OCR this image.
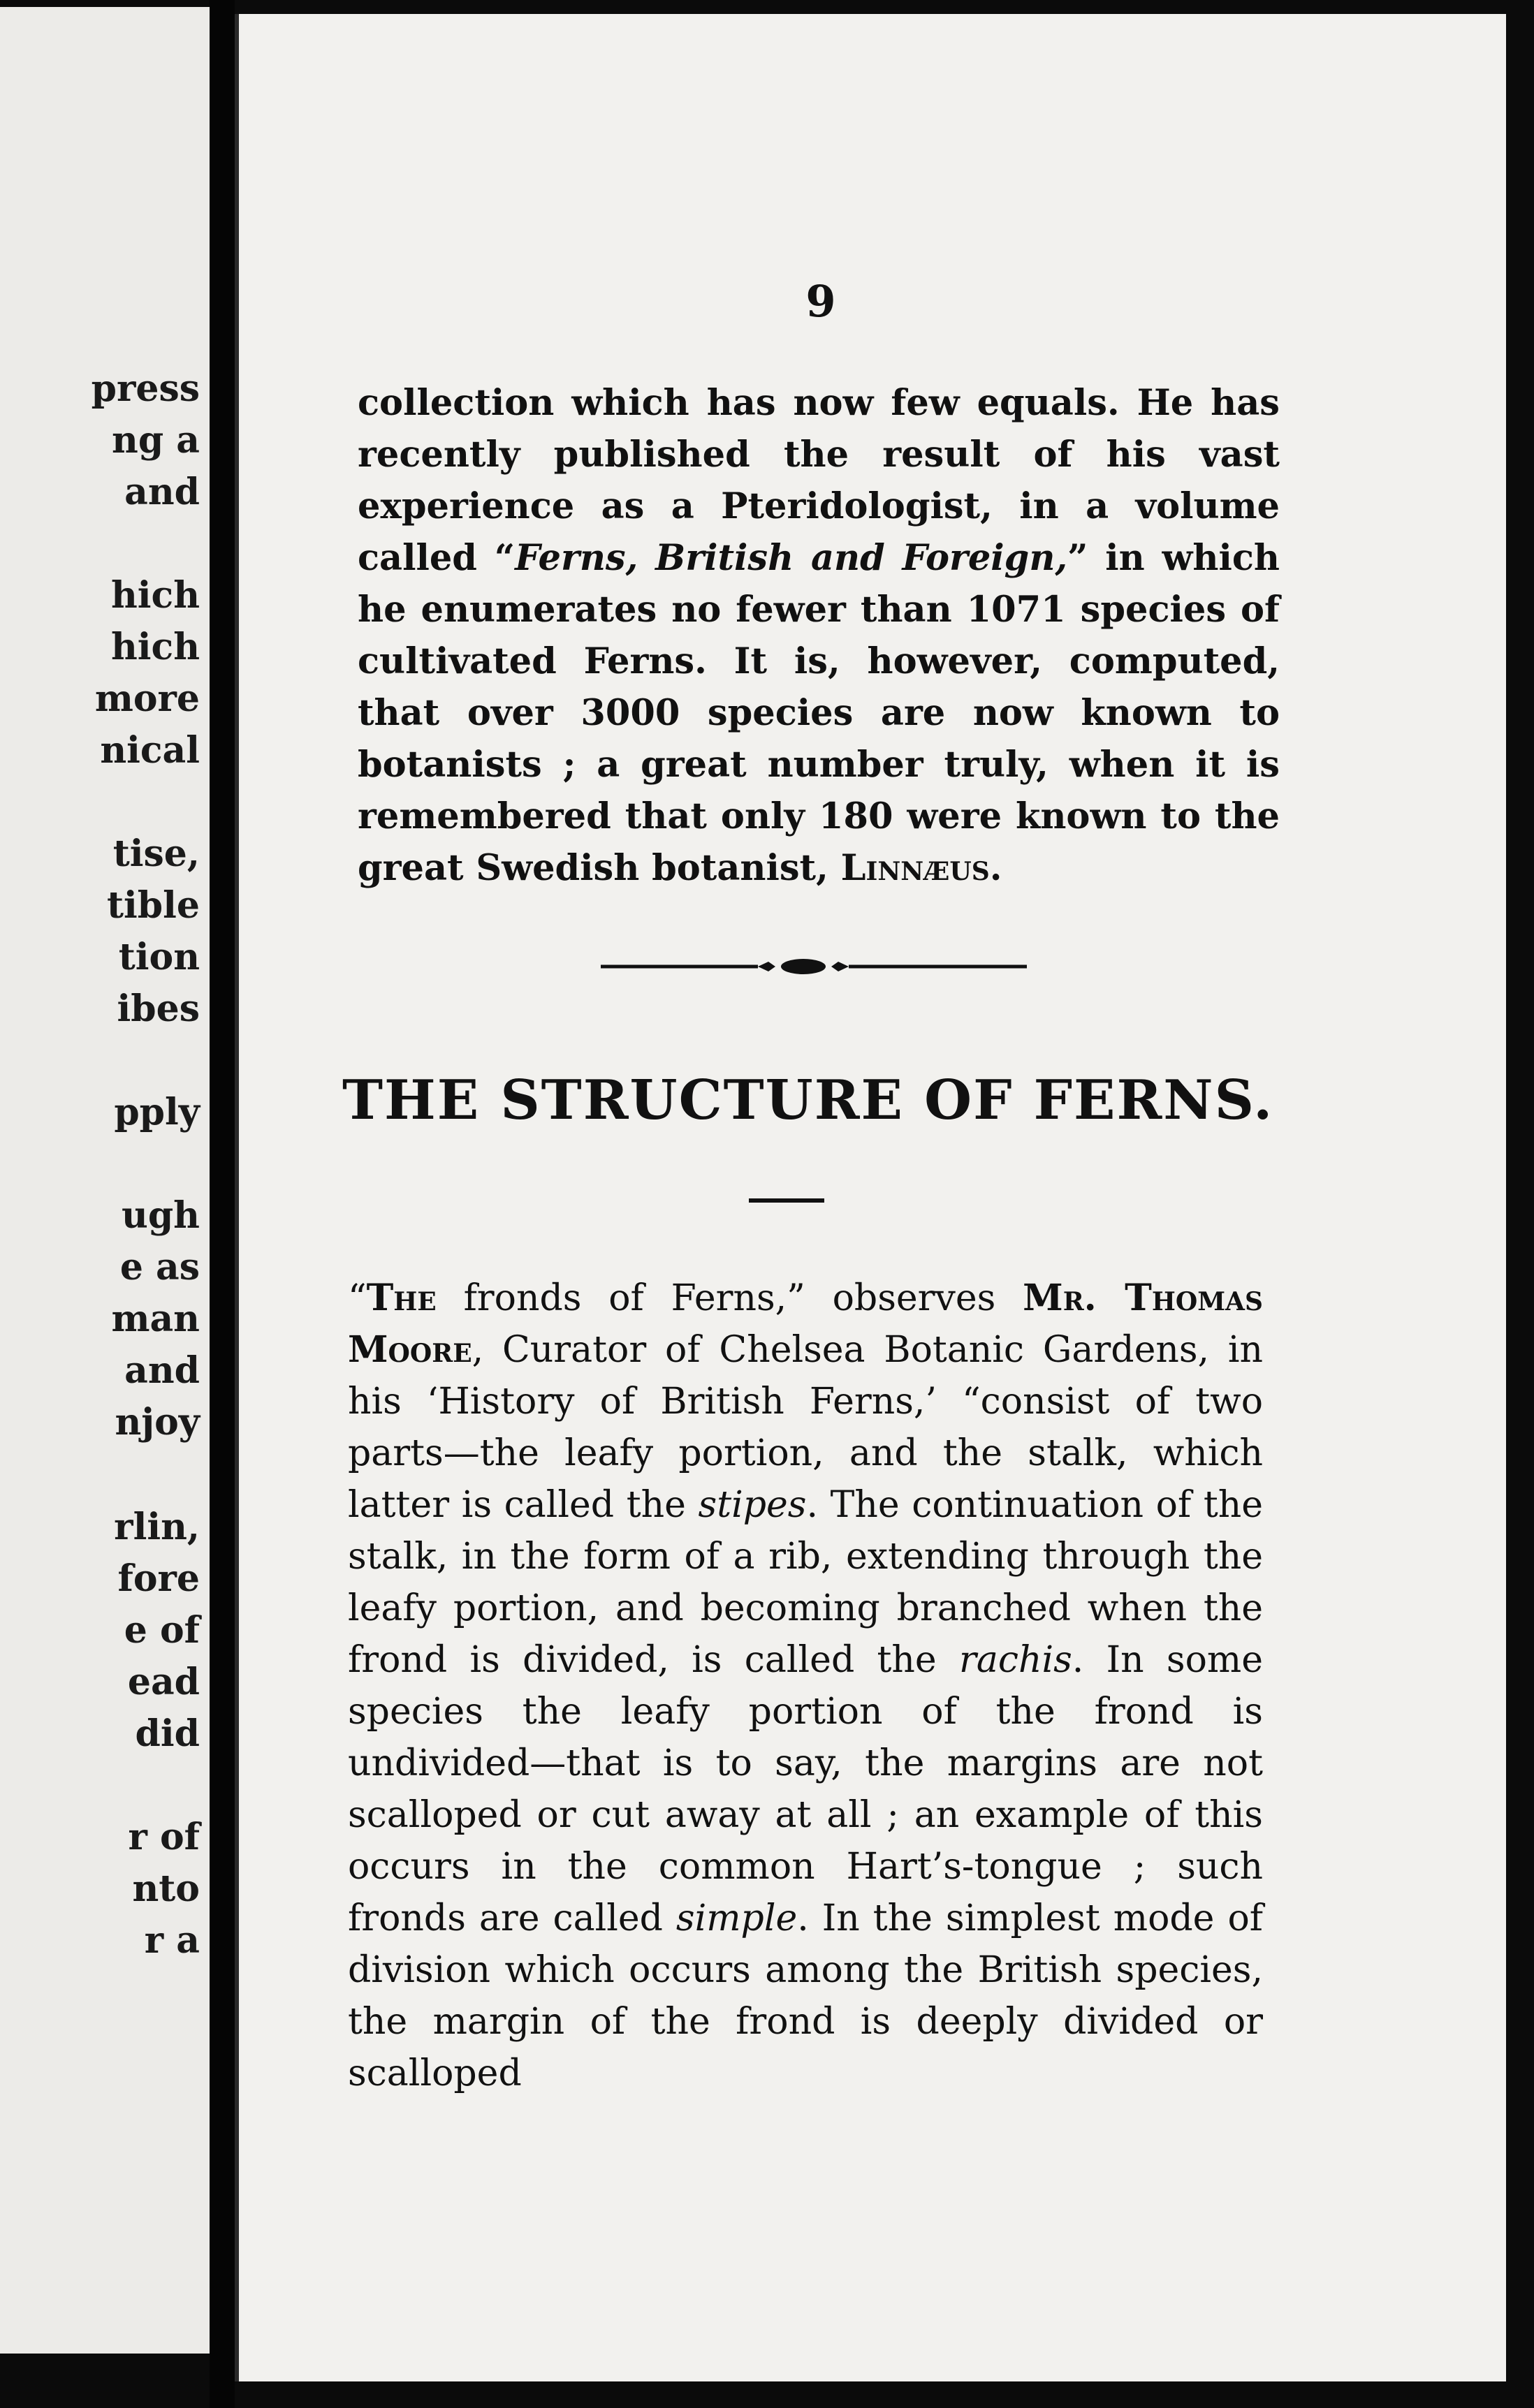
press

ng a

and

hich

hich

more

nical

tise,

tible

tion

ibes

pply

ugh

e as

man

and

njoy

rlin,

fore

e of

ead

did

r of

nto

r a

9

collection which has now few equals. He has recently published the result of his vast experience as a Pteridologist, in a volume called “Ferns, British and Foreign,” in which he enumerates no fewer than 1071 species of cultivated Ferns. It is, however, computed, that over 3000 species are now known to botanists ; a great number truly, when it is remembered that only 180 were known to the great Swedish botanist, Linnæus.

THE STRUCTURE OF FERNS.

“The fronds of Ferns,” observes Mr. Thomas Moore, Curator of Chelsea Botanic Gardens, in his ‘History of British Ferns,’ “consist of two parts—the leafy portion, and the stalk, which latter is called the stipes. The continuation of the stalk, in the form of a rib, extending through the leafy portion, and becoming branched when the frond is divided, is called the rachis. In some species the leafy portion of the frond is undivided—that is to say, the margins are not scalloped or cut away at all ; an example of this occurs in the common Hart’s-tongue ; such fronds are called simple. In the simplest mode of division which occurs among the British species, the margin of the frond is deeply divided or scalloped
